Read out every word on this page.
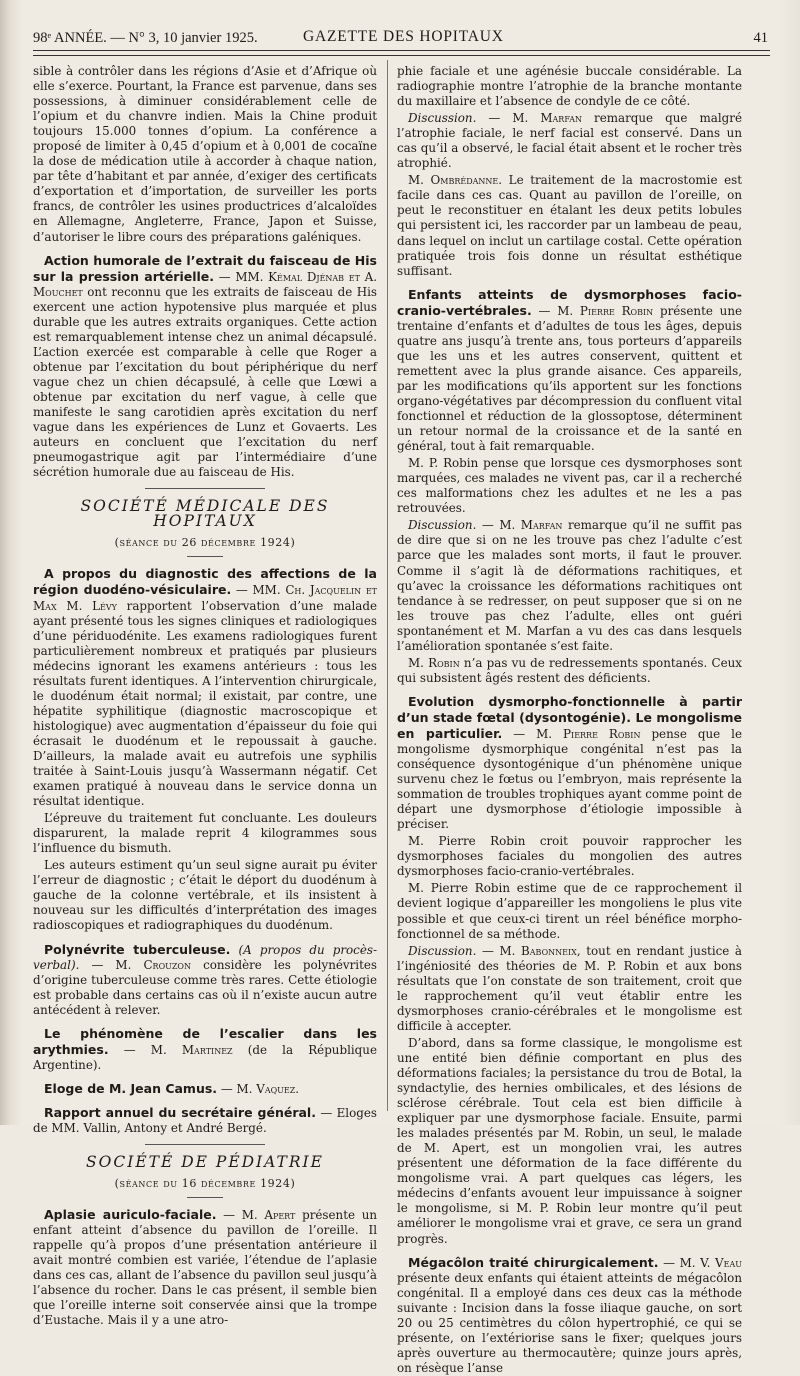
98ᵉ ANNÉE. — N° 3, 10 janvier 1925.	GAZETTE DES HOPITAUX	41

sible à contrôler dans les régions d’Asie et d’Afrique où elle s’exerce. Pourtant, la France est parvenue, dans ses possessions, à diminuer considérablement celle de l’opium et du chanvre indien. Mais la Chine produit toujours 15.000 tonnes d’opium. La conférence a proposé de limiter à 0,45 d’opium et à 0,001 de cocaïne la dose de médication utile à accorder à chaque nation, par tête d’habitant et par année, d’exiger des certificats d’exportation et d’importation, de surveiller les ports francs, de contrôler les usines productrices d’alcaloïdes en Allemagne, Angleterre, France, Japon et Suisse, d’autoriser le libre cours des préparations galéniques.

Action humorale de l’extrait du faisceau de His sur la pression artérielle. — MM. Kémal Djénab et A. Mouchet ont reconnu que les extraits de faisceau de His exercent une action hypotensive plus marquée et plus durable que les autres extraits organiques. Cette action est remarquablement intense chez un animal décapsulé. L’action exercée est comparable à celle que Roger a obtenue par l’excitation du bout périphérique du nerf vague chez un chien décapsulé, à celle que Lœwi a obtenue par excitation du nerf vague, à celle que manifeste le sang carotidien après excitation du nerf vague dans les expériences de Lunz et Govaerts. Les auteurs en concluent que l’excitation du nerf pneumogastrique agit par l’intermédiaire d’une sécrétion humorale due au faisceau de His.

SOCIÉTÉ MÉDICALE DES HOPITAUX
(séance du 26 décembre 1924)

A propos du diagnostic des affections de la région duodéno-vésiculaire. — MM. Ch. Jacquelin et Max M. Lévy rapportent l’observation d’une malade ayant présenté tous les signes cliniques et radiologiques d’une périduodénite. Les examens radiologiques furent particulièrement nombreux et pratiqués par plusieurs médecins ignorant les examens antérieurs : tous les résultats furent identiques. A l’intervention chirurgicale, le duodénum était normal; il existait, par contre, une hépatite syphilitique (diagnostic macroscopique et histologique) avec augmentation d’épaisseur du foie qui écrasait le duodénum et le repoussait à gauche. D’ailleurs, la malade avait eu autrefois une syphilis traitée à Saint-Louis jusqu’à Wassermann négatif. Cet examen pratiqué à nouveau dans le service donna un résultat identique.

L’épreuve du traitement fut concluante. Les douleurs disparurent, la malade reprit 4 kilogrammes sous l’influence du bismuth.

Les auteurs estiment qu’un seul signe aurait pu éviter l’erreur de diagnostic ; c’était le déport du duodénum à gauche de la colonne vertébrale, et ils insistent à nouveau sur les difficultés d’interprétation des images radioscopiques et radiographiques du duodénum.

Polynévrite tuberculeuse. (A propos du procès-verbal). — M. Crouzon considère les polynévrites d’origine tuberculeuse comme très rares. Cette étiologie est probable dans certains cas où il n’existe aucun autre antécédent à relever.

Le phénomène de l’escalier dans les arythmies. — M. Martinez (de la République Argentine).

Eloge de M. Jean Camus. — M. Vaquez.

Rapport annuel du secrétaire général. — Eloges de MM. Vallin, Antony et André Bergé.

SOCIÉTÉ DE PÉDIATRIE
(séance du 16 décembre 1924)

Aplasie auriculo-faciale. — M. Apert présente un enfant atteint d’absence du pavillon de l’oreille. Il rappelle qu’à propos d’une présentation antérieure il avait montré combien est variée, l’étendue de l’aplasie dans ces cas, allant de l’absence du pavillon seul jusqu’à l’absence du rocher. Dans le cas présent, il semble bien que l’oreille interne soit conservée ainsi que la trompe d’Eustache. Mais il y a une atro-

phie faciale et une agénésie buccale considérable. La radiographie montre l’atrophie de la branche montante du maxillaire et l’absence de condyle de ce côté.

Discussion. — M. Marfan remarque que malgré l’atrophie faciale, le nerf facial est conservé. Dans un cas qu’il a observé, le facial était absent et le rocher très atrophié.

M. Ombrédanne. Le traitement de la macrostomie est facile dans ces cas. Quant au pavillon de l’oreille, on peut le reconstituer en étalant les deux petits lobules qui persistent ici, les raccorder par un lambeau de peau, dans lequel on inclut un cartilage costal. Cette opération pratiquée trois fois donne un résultat esthétique suffisant.

Enfants atteints de dysmorphoses facio-cranio-vertébrales. — M. Pierre Robin présente une trentaine d’enfants et d’adultes de tous les âges, depuis quatre ans jusqu’à trente ans, tous porteurs d’appareils que les uns et les autres conservent, quittent et remettent avec la plus grande aisance. Ces appareils, par les modifications qu’ils apportent sur les fonctions organo-végétatives par décompression du confluent vital fonctionnel et réduction de la glossoptose, déterminent un retour normal de la croissance et de la santé en général, tout à fait remarquable.

M. P. Robin pense que lorsque ces dysmorphoses sont marquées, ces malades ne vivent pas, car il a recherché ces malformations chez les adultes et ne les a pas retrouvées.

Discussion. — M. Marfan remarque qu’il ne suffit pas de dire que si on ne les trouve pas chez l’adulte c’est parce que les malades sont morts, il faut le prouver. Comme il s’agit là de déformations rachitiques, et qu’avec la croissance les déformations rachitiques ont tendance à se redresser, on peut supposer que si on ne les trouve pas chez l’adulte, elles ont guéri spontanément et M. Marfan a vu des cas dans lesquels l’amélioration spontanée s’est faite.

M. Robin n’a pas vu de redressements spontanés. Ceux qui subsistent âgés restent des déficients.

Evolution dysmorpho-fonctionnelle à partir d’un stade fœtal (dysontogénie). Le mongolisme en particulier. — M. Pierre Robin pense que le mongolisme dysmorphique congénital n’est pas la conséquence dysontogénique d’un phénomène unique survenu chez le fœtus ou l’embryon, mais représente la sommation de troubles trophiques ayant comme point de départ une dysmorphose d’étiologie impossible à préciser.

M. Pierre Robin croit pouvoir rapprocher les dysmorphoses faciales du mongolien des autres dysmorphoses facio-cranio-vertébrales.

M. Pierre Robin estime que de ce rapprochement il devient logique d’appareiller les mongoliens le plus vite possible et que ceux-ci tirent un réel bénéfice morpho-fonctionnel de sa méthode.

Discussion. — M. Babonneix, tout en rendant justice à l’ingéniosité des théories de M. P. Robin et aux bons résultats que l’on constate de son traitement, croit que le rapprochement qu’il veut établir entre les dysmorphoses cranio-cérébrales et le mongolisme est difficile à accepter.

D’abord, dans sa forme classique, le mongolisme est une entité bien définie comportant en plus des déformations faciales; la persistance du trou de Botal, la syndactylie, des hernies ombilicales, et des lésions de sclérose cérébrale. Tout cela est bien difficile à expliquer par une dysmorphose faciale. Ensuite, parmi les malades présentés par M. Robin, un seul, le malade de M. Apert, est un mongolien vrai, les autres présentent une déformation de la face différente du mongolisme vrai. A part quelques cas légers, les médecins d’enfants avouent leur impuissance à soigner le mongolisme, si M. P. Robin leur montre qu’il peut améliorer le mongolisme vrai et grave, ce sera un grand progrès.

Mégacôlon traité chirurgicalement. — M. V. Veau présente deux enfants qui étaient atteints de mégacôlon congénital. Il a employé dans ces deux cas la méthode suivante : Incision dans la fosse iliaque gauche, on sort 20 ou 25 centimètres du côlon hypertrophié, ce qui se présente, on l’extériorise sans le fixer; quelques jours après ouverture au thermocautère; quinze jours après, on résèque l’anse
